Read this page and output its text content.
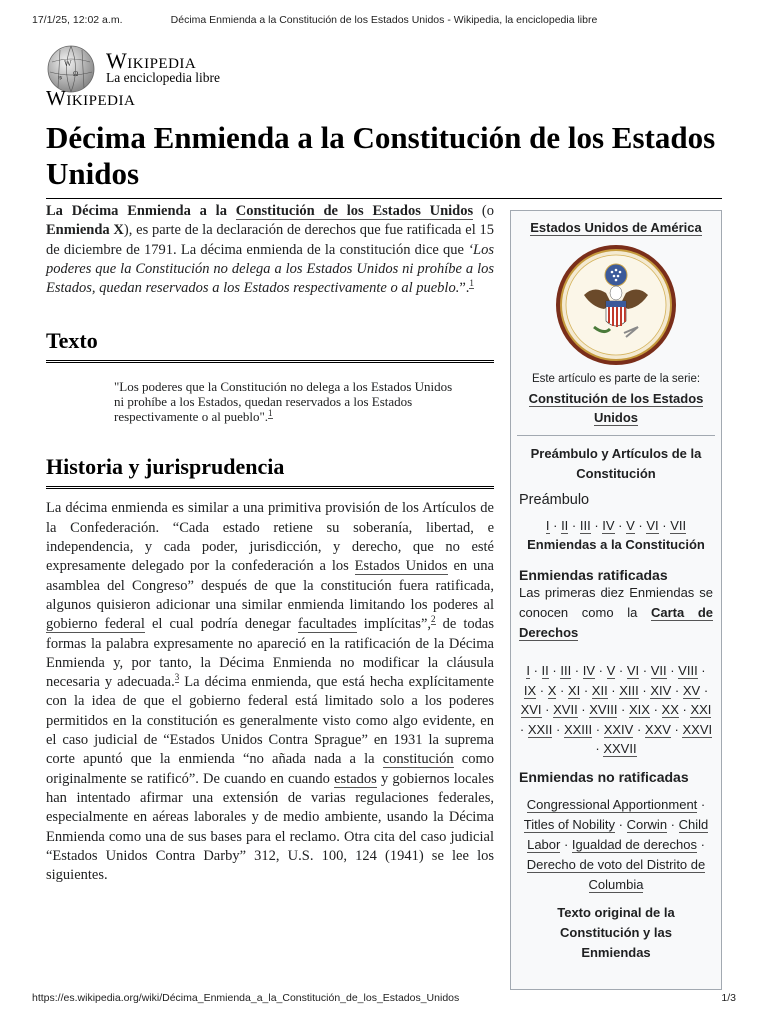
17/1/25, 12:02 a.m.	Décima Enmienda a la Constitución de los Estados Unidos - Wikipedia, la enciclopedia libre
W
Ω
ক
Wikipedia
La enciclopedia libre
Wikipedia
Décima Enmienda a la Constitución de los Estados Unidos

La Décima Enmienda a la Constitución de los Estados Unidos (o Enmienda X), es parte de la declaración de derechos que fue ratificada el 15 de diciembre de 1791. La décima enmienda de la constitución dice que ‘Los poderes que la Constitución no delega a los Estados Unidos ni prohíbe a los Estados, quedan reservados a los Estados respectivamente o al pueblo.”.$^1$

Texto
"Los poderes que la Constitución no delega a los Estados Unidos ni prohíbe a los Estados, quedan reservados a los Estados respectivamente o al pueblo".$^1$
Historia y jurisprudencia

La décima enmienda es similar a una primitiva provisión de los Artículos de la Confederación. “Cada estado retiene su soberanía, libertad, e independencia, y cada poder, jurisdicción, y derecho, que no esté expresamente delegado por la confederación a los Estados Unidos en una asamblea del Congreso” después de que la constitución fuera ratificada, algunos quisieron adicionar una similar enmienda limitando los poderes al gobierno federal el cual podría denegar facultades implícitas”,$^2$ de todas formas la palabra expresamente no apareció en la ratificación de la Décima Enmienda y, por tanto, la Décima Enmienda no modificar la cláusula necesaria y adecuada.$^3$ La décima enmienda, que está hecha explícitamente con la idea de que el gobierno federal está limitado solo a los poderes permitidos en la constitución es generalmente visto como algo evidente, en el caso judicial de “Estados Unidos Contra Sprague” en 1931 la suprema corte apuntó que la enmienda “no añada nada a la constitución como originalmente se ratificó”. De cuando en cuando estados y gobiernos locales han intentado afirmar una extensión de varias regulaciones federales, especialmente en aéreas laborales y de medio ambiente, usando la Décima Enmienda como una de sus bases para el reclamo. Otra cita del caso judicial “Estados Unidos Contra Darby” 312, U.S. 100, 124 (1941) se lee los siguientes.

Estados Unidos de América
Este artículo es parte de la serie:
Constitución de los Estados Unidos
Preámbulo y Artículos de la Constitución
Preámbulo
I · II · III · IV · V · VI · VII
Enmiendas a la Constitución
Enmiendas ratificadas
Las primeras diez Enmiendas se conocen como la Carta de Derechos
I · II · III · IV · V · VI · VII · VIII · IX · X · XI · XII · XIII · XIV · XV · XVI · XVII · XVIII · XIX · XX · XXI · XXII · XXIII · XXIV · XXV · XXVI · XXVII
Enmiendas no ratificadas
Congressional Apportionment · Titles of Nobility · Corwin · Child Labor · Igualdad de derechos · Derecho de voto del Distrito de Columbia
Texto original de la Constitución y las Enmiendas
https://es.wikipedia.org/wiki/Décima_Enmienda_a_la_Constitución_de_los_Estados_Unidos	1/3
